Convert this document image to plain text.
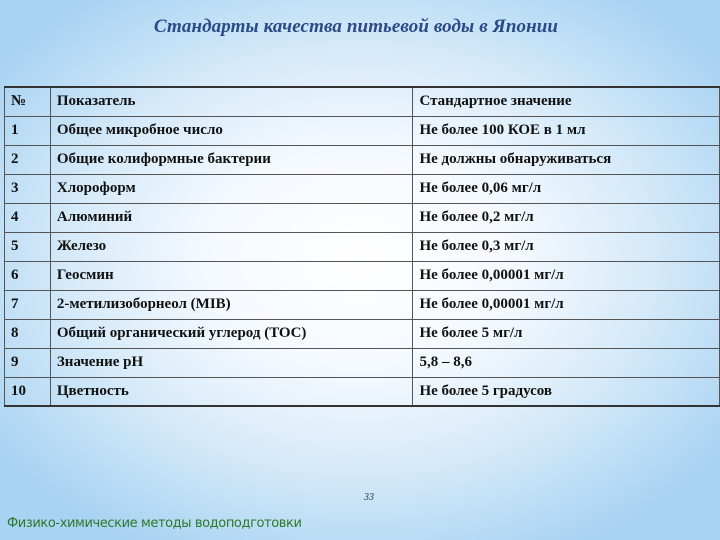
Стандарты качества питьевой воды в Японии
№	Показатель	Стандартное значение
1	Общее микробное число	Не более 100 КОЕ в 1 мл
2	Общие колиформные бактерии	Не должны обнаруживаться
3	Хлороформ	Не более 0,06 мг/л
4	Алюминий	Не более 0,2 мг/л
5	Железо	Не более 0,3 мг/л
6	Геосмин	Не более 0,00001 мг/л
7	2-метилизоборнеол (MIB)	Не более 0,00001 мг/л
8	Общий органический углерод (TOC)	Не более 5 мг/л
9	Значение pH	5,8 – 8,6
10	Цветность	Не более 5 градусов
33
Физико-химические методы водоподготовки
